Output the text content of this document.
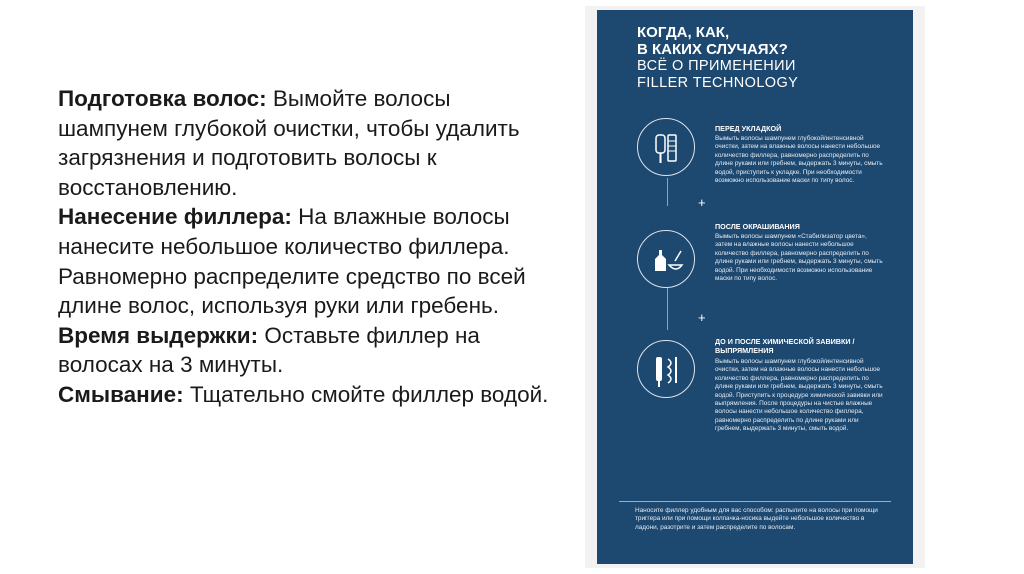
Подготовка волос: Вымойте волосы шампунем глубокой очистки, чтобы удалить загрязнения и подготовить волосы к восстановлению.

Нанесение филлера: На влажные волосы нанесите небольшое количество филлера. Равномерно распределите средство по всей длине волос, используя руки или гребень.

Время выдержки: Оставьте филлер на волосах на 3 минуты.

Смывание: Тщательно смойте филлер водой.

КОГДА, КАК,
В КАКИХ СЛУЧАЯХ?
ВСЁ О ПРИМЕНЕНИИ
FILLER TECHNOLOGY
+
+
ПЕРЕД УКЛАДКОЙ
Вымыть волосы шампунем глубокой/интенсивной очистки, затем на влажные волосы нанести небольшое количество филлера, равномерно распределить по длине руками или гребнем, выдержать 3 минуты, смыть водой, приступить к укладке. При необходимости возможно использование маски по типу волос.
ПОСЛЕ ОКРАШИВАНИЯ
Вымыть волосы шампунем «Стабилизатор цвета», затем на влажные волосы нанести небольшое количество филлера, равномерно распределить по длине руками или гребнем, выдержать 3 минуты, смыть водой. При необходимости возможно использование маски по типу волос.
ДО И ПОСЛЕ ХИМИЧЕСКОЙ ЗАВИВКИ / ВЫПРЯМЛЕНИЯ
Вымыть волосы шампунем глубокой/интенсивной очистки, затем на влажные волосы нанести небольшое количество филлера, равномерно распределить по длине руками или гребнем, выдержать 3 минуты, смыть водой. Приступить к процедуре химической завивки или выпрямления. После процедуры на чистые влажные волосы нанести небольшое количество филлера, равномерно распределить по длине руками или гребнем, выдержать 3 минуты, смыть водой.
Наносите филлер удобным для вас способом: распылите на волосы при помощи триггера или при помощи колпачка-носика выдейте небольшое количество в ладони, разотрите и затем распределите по волосам.
